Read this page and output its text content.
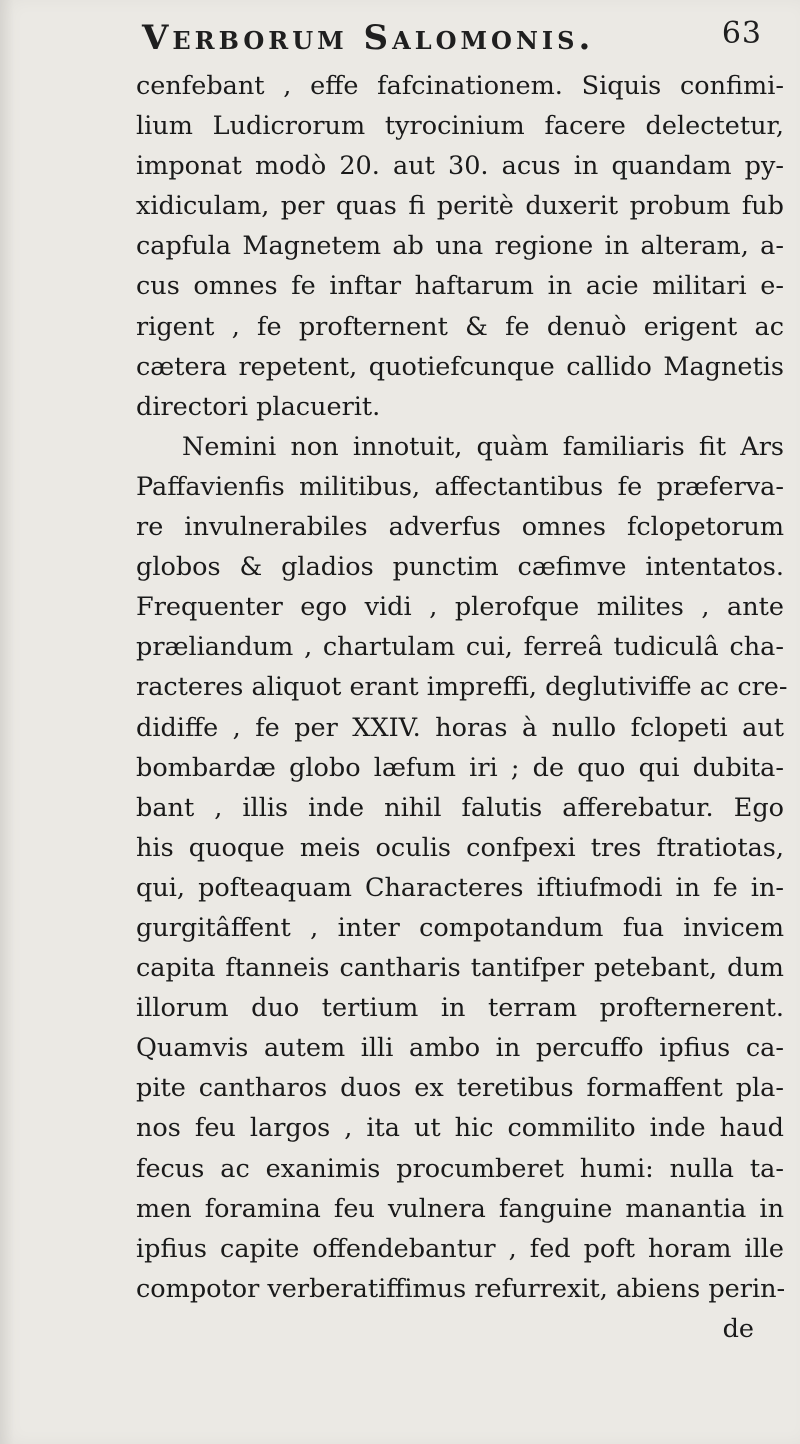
Verborum Salomonis.	63
cenfebant , effe fafcinationem. Siquis confimi-
lium Ludicrorum tyrocinium facere delectetur,
imponat modò 20. aut 30. acus in quandam py-
xidiculam, per quas fi peritè duxerit probum fub
capfula Magnetem ab una regione in alteram, a-
cus omnes fe inftar haftarum in acie militari e-
rigent , fe profternent & fe denuò erigent ac
cætera repetent, quotiefcunque callido Magnetis
directori placuerit.
Nemini non innotuit, quàm familiaris fit Ars
Paffavienfis militibus, affectantibus fe præferva-
re invulnerabiles adverfus omnes fclopetorum
globos & gladios punctim cæfimve intentatos.
Frequenter ego vidi , plerofque milites , ante
præliandum , chartulam cui, ferreâ tudiculâ cha-
racteres aliquot erant impreffi, deglutiviffe ac cre-
didiffe , fe per XXIV. horas à nullo fclopeti aut
bombardæ globo læfum iri ; de quo qui dubita-
bant , illis inde nihil falutis afferebatur. Ego
his quoque meis oculis confpexi tres ftratiotas,
qui, pofteaquam Characteres iftiufmodi in fe in-
gurgitâffent , inter compotandum fua invicem
capita ftanneis cantharis tantifper petebant, dum
illorum duo tertium in terram profternerent.
Quamvis autem illi ambo in percuffo ipfius ca-
pite cantharos duos ex teretibus formaffent pla-
nos feu largos , ita ut hic commilito inde haud
fecus ac exanimis procumberet humi: nulla ta-
men foramina feu vulnera fanguine manantia in
ipfius capite offendebantur , fed poft horam ille
compotor verberatiffimus refurrexit, abiens perin-
de
